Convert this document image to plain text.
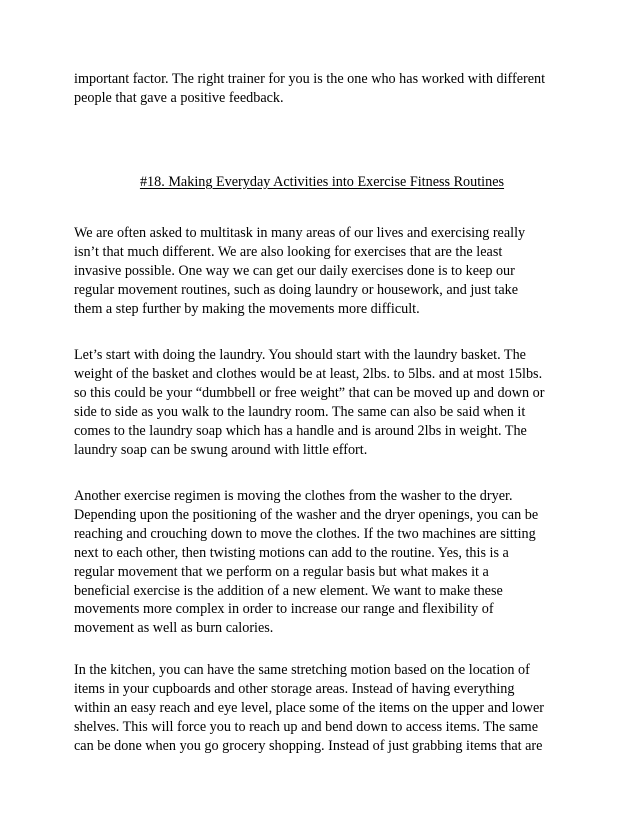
important factor. The right trainer for you is the one who has worked with different
people that gave a positive feedback.
#18. Making Everyday Activities into Exercise Fitness Routines
We are often asked to multitask in many areas of our lives and exercising really
isn’t that much different. We are also looking for exercises that are the least
invasive possible. One way we can get our daily exercises done is to keep our
regular movement routines, such as doing laundry or housework, and just take
them a step further by making the movements more difficult.
Let’s start with doing the laundry. You should start with the laundry basket. The
weight of the basket and clothes would be at least, 2lbs. to 5lbs. and at most 15lbs.
so this could be your “dumbbell or free weight” that can be moved up and down or
side to side as you walk to the laundry room. The same can also be said when it
comes to the laundry soap which has a handle and is around 2lbs in weight. The
laundry soap can be swung around with little effort.
Another exercise regimen is moving the clothes from the washer to the dryer.
Depending upon the positioning of the washer and the dryer openings, you can be
reaching and crouching down to move the clothes. If the two machines are sitting
next to each other, then twisting motions can add to the routine. Yes, this is a
regular movement that we perform on a regular basis but what makes it a
beneficial exercise is the addition of a new element. We want to make these
movements more complex in order to increase our range and flexibility of
movement as well as burn calories.
In the kitchen, you can have the same stretching motion based on the location of
items in your cupboards and other storage areas. Instead of having everything
within an easy reach and eye level, place some of the items on the upper and lower
shelves. This will force you to reach up and bend down to access items. The same
can be done when you go grocery shopping. Instead of just grabbing items that are
